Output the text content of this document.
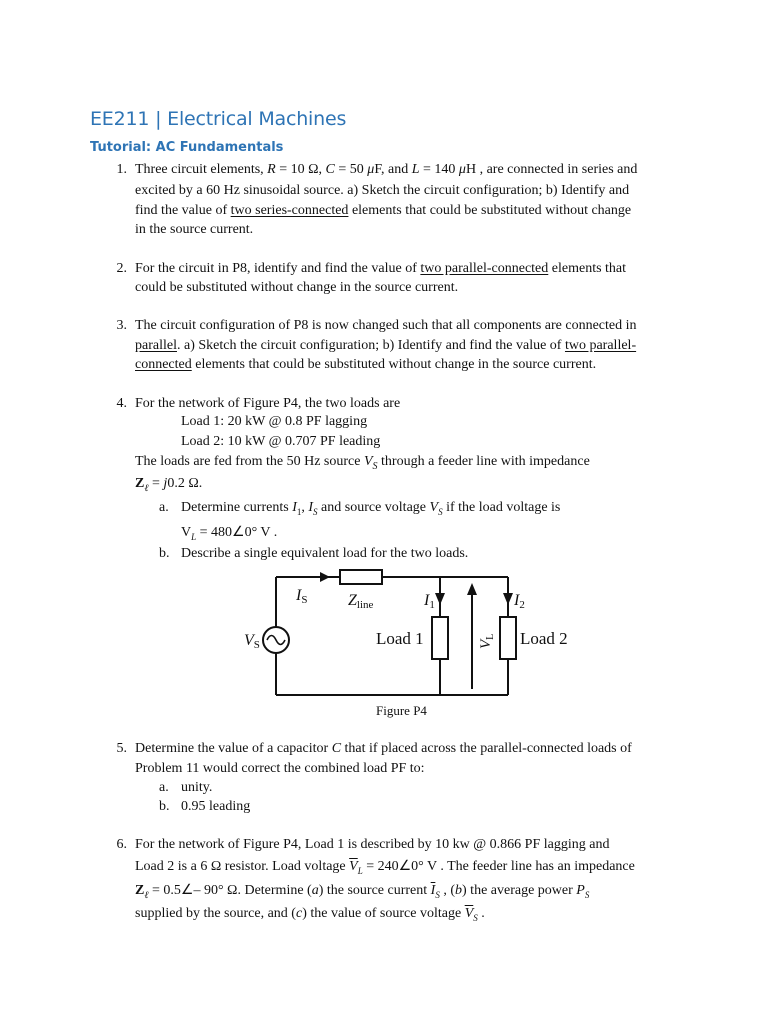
EE211 | Electrical Machines
Tutorial: AC Fundamentals
1. Three circuit elements, R = 10 Ω, C = 50 μF, and L = 140 μH , are connected in series and
excited by a 60 Hz sinusoidal source. a) Sketch the circuit configuration; b) Identify and
find the value of two series-connected elements that could be substituted without change
in the source current.
2. For the circuit in P8, identify and find the value of two parallel-connected elements that
could be substituted without change in the source current.
3. The circuit configuration of P8 is now changed such that all components are connected in
parallel. a) Sketch the circuit configuration; b) Identify and find the value of two parallel-
connected elements that could be substituted without change in the source current.
4. For the network of Figure P4, the two loads are
Load 1: 20 kW @ 0.8 PF lagging
Load 2: 10 kW @ 0.707 PF leading
The loads are fed from the 50 Hz source $V_S$ through a feeder line with impedance
$Z_\ell = j0.2$ Ω.
a. Determine currents $I_1$, $I_S$ and source voltage $V_S$ if the load voltage is
$V_L$ = 480∠0° V .
b. Describe a single equivalent load for the two loads.
IS	Zline	I1	I2
VS	Load 1	Load 2
$V_L$
Figure P4
5. Determine the value of a capacitor C that if placed across the parallel-connected loads of
Problem 11 would correct the combined load PF to:
a. unity.
b. 0.95 leading
6. For the network of Figure P4, Load 1 is described by 10 kw @ 0.866 PF lagging and
Load 2 is a 6 Ω resistor. Load voltage $\overline{V}_L$ = 240∠0° V . The feeder line has an impedance
$Z_\ell$ = 0.5∠– 90° Ω. Determine (a) the source current $\overline{I}_S$ , (b) the average power $P_S$
supplied by the source, and (c) the value of source voltage $\overline{V}_S$ .
